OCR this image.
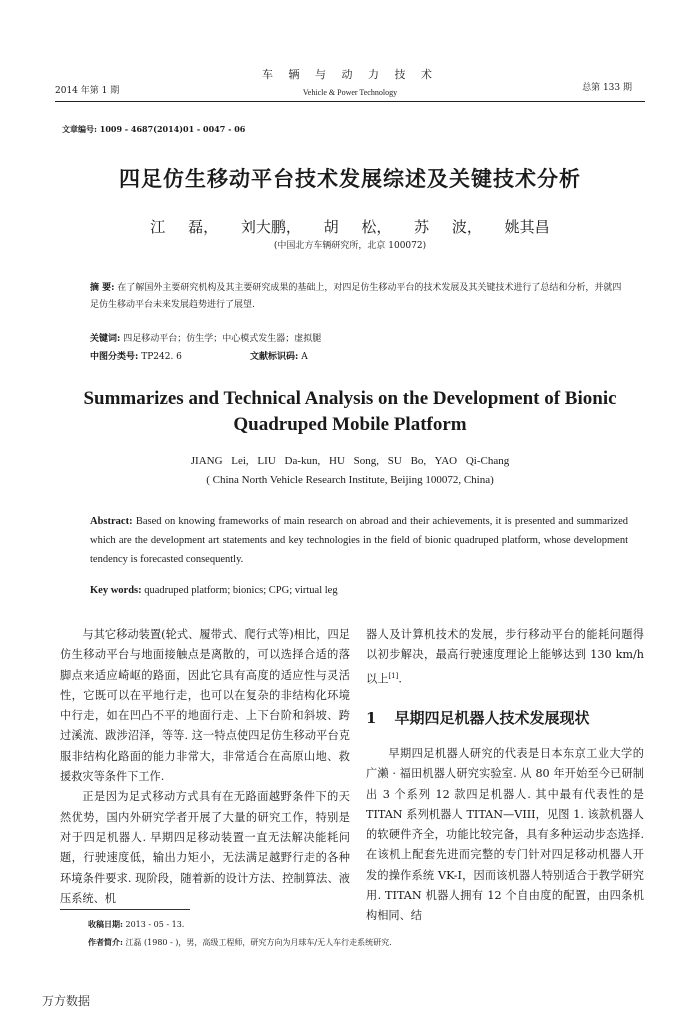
2014 年第 1 期
车 辆 与 动 力 技 术
Vehicle & Power Technology	总第 133 期
文章编号: 1009 - 4687(2014)01 - 0047 - 06
四足仿生移动平台技术发展综述及关键技术分析
江 磊， 刘大鹏， 胡 松， 苏 波， 姚其昌
(中国北方车辆研究所，北京 100072)
摘 要: 在了解国外主要研究机构及其主要研究成果的基础上，对四足仿生移动平台的技术发展及其关键技术进行了总结和分析，并就四足仿生移动平台未来发展趋势进行了展望.
关键词: 四足移动平台；仿生学；中心模式发生器；虚拟腿
中图分类号: TP242. 6	文献标识码: A
Summarizes and Technical Analysis on the Development of Bionic Quadruped Mobile Platform
JIANG Lei, LIU Da-kun, HU Song, SU Bo, YAO Qi-Chang
( China North Vehicle Research Institute, Beijing 100072, China)
Abstract: Based on knowing frameworks of main research on abroad and their achievements, it is presented and summarized which are the development art statements and key technologies in the field of bionic quadruped platform, whose development tendency is forecasted consequently.
Key words: quadruped platform; bionics; CPG; virtual leg

与其它移动装置(轮式、履带式、爬行式等)相比，四足仿生移动平台与地面接触点是离散的，可以选择合适的落脚点来适应崎岖的路面，因此它具有高度的适应性与灵活性，它既可以在平地行走，也可以在复杂的非结构化环境中行走，如在凹凸不平的地面行走、上下台阶和斜坡、跨过溪流、跋涉沼泽，等等. 这一特点使四足仿生移动平台克服非结构化路面的能力非常大，非常适合在高原山地、救援救灾等条件下工作.

正是因为足式移动方式具有在无路面越野条件下的天然优势，国内外研究学者开展了大量的研究工作，特别是对于四足机器人. 早期四足移动装置一直无法解决能耗问题，行驶速度低，输出力矩小，无法满足越野行走的各种环境条件要求. 现阶段，随着新的设计方法、控制算法、液压系统、机

器人及计算机技术的发展，步行移动平台的能耗问题得以初步解决，最高行驶速度理论上能够达到 130 km/h 以上[1].

1 早期四足机器人技术发展现状

早期四足机器人研究的代表是日本东京工业大学的广濑 · 福田机器人研究实验室. 从 80 年开始至今已研制出 3 个系列 12 款四足机器人. 其中最有代表性的是 TITAN 系列机器人 TITAN—VIII，见图 1. 该款机器人的软硬件齐全，功能比较完备，具有多种运动步态选择. 在该机上配套先进而完整的专门针对四足移动机器人开发的操作系统 VK-I，因而该机器人特别适合于教学研究用. TITAN 机器人拥有 12 个自由度的配置，由四条机构相同、结

收稿日期: 2013 - 05 - 13.
作者简介: 江磊 (1980 - )，男，高级工程师，研究方向为月球车/无人车行走系统研究.
万方数据
